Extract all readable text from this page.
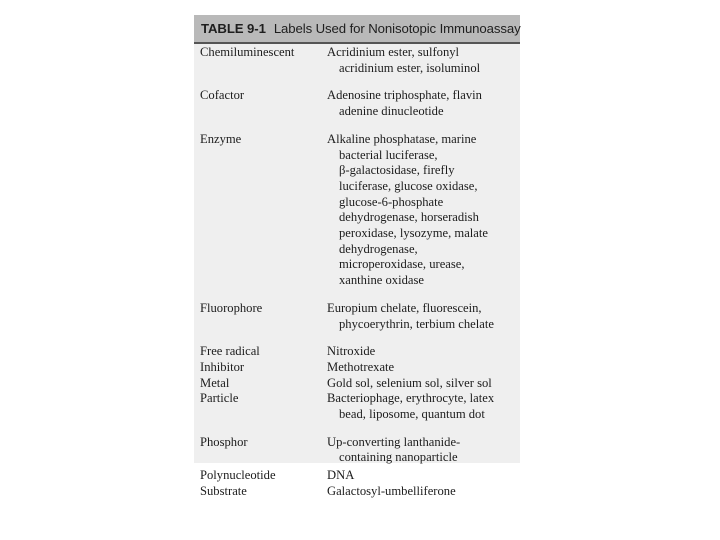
TABLE 9-1 Labels Used for Nonisotopic Immunoassay
Chemiluminescent	Acridinium ester, sulfonyl
acridinium ester, isoluminol
Cofactor	Adenosine triphosphate, flavin
adenine dinucleotide
Enzyme	Alkaline phosphatase, marine
bacterial luciferase,
β-galactosidase, firefly
luciferase, glucose oxidase,
glucose-6-phosphate
dehydrogenase, horseradish
peroxidase, lysozyme, malate
dehydrogenase,
microperoxidase, urease,
xanthine oxidase
Fluorophore	Europium chelate, fluorescein,
phycoerythrin, terbium chelate
Free radical	Nitroxide
Inhibitor	Methotrexate
Metal	Gold sol, selenium sol, silver sol
Particle	Bacteriophage, erythrocyte, latex
bead, liposome, quantum dot
Phosphor	Up-converting lanthanide-
containing nanoparticle
Polynucleotide	DNA
Substrate	Galactosyl-umbelliferone
